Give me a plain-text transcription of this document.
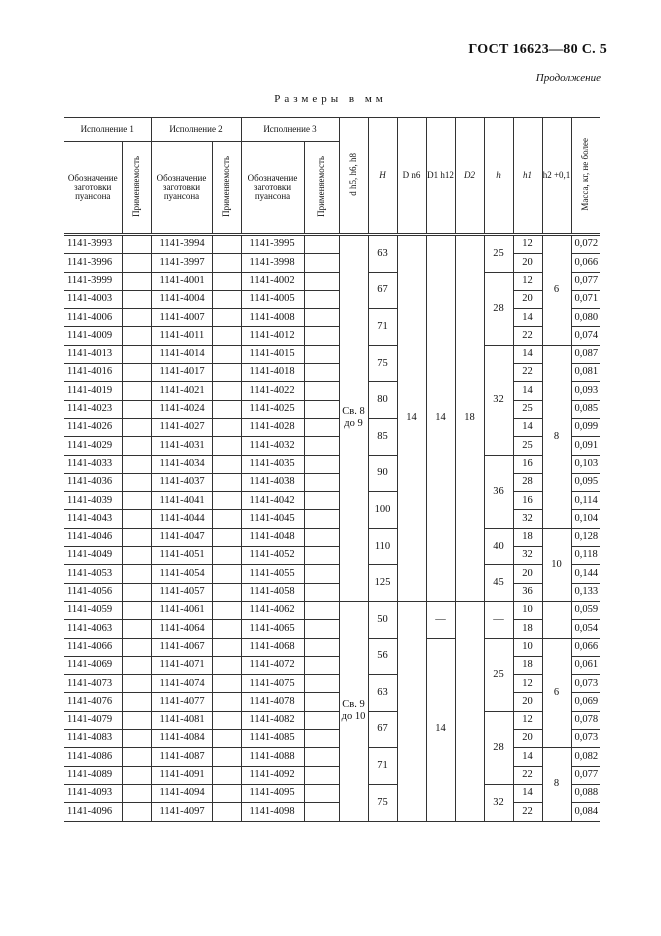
ГОСТ 16623—80 С. 5
Продолжение
Размеры в мм
Исполнение 1		Исполнение 2		Исполнение 3		d h5, h6, h8	H	D n6	D1 h12	D2	h	h1	h2 +0,1	Масса, кг, не более
Обозначение заготовки пуансона	Применяемость	Обозначение заготовки пуансона	Применяемость	Обозначение заготовки пуансона	Применяемость									

1141-3993		1141-3994		1141-3995		Св. 8 до 9	63	14	14	18	25	12	6	0,072
1141-3996		1141-3997		1141-3998								20		0,066
1141-3999		1141-4001		1141-4002			67				28	12		0,077
1141-4003		1141-4004		1141-4005								20		0,071
1141-4006		1141-4007		1141-4008			71					14		0,080
1141-4009		1141-4011		1141-4012								22		0,074
1141-4013		1141-4014		1141-4015			75				32	14	8	0,087
1141-4016		1141-4017		1141-4018								22		0,081
1141-4019		1141-4021		1141-4022			80					14		0,093
1141-4023		1141-4024		1141-4025								25		0,085
1141-4026		1141-4027		1141-4028			85					14		0,099
1141-4029		1141-4031		1141-4032								25		0,091
1141-4033		1141-4034		1141-4035			90				36	16		0,103
1141-4036		1141-4037		1141-4038								28		0,095
1141-4039		1141-4041		1141-4042			100					16		0,114
1141-4043		1141-4044		1141-4045								32		0,104
1141-4046		1141-4047		1141-4048			110				40	18	10	0,128
1141-4049		1141-4051		1141-4052								32		0,118
1141-4053		1141-4054		1141-4055			125				45	20		0,144
1141-4056		1141-4057		1141-4058								36		0,133
1141-4059		1141-4061		1141-4062		Св. 9 до 10	50		—		—	10		0,059
1141-4063		1141-4064		1141-4065								18		0,054
1141-4066		1141-4067		1141-4068			56		14		25	10	6	0,066
1141-4069		1141-4071		1141-4072								18		0,061
1141-4073		1141-4074		1141-4075			63					12		0,073
1141-4076		1141-4077		1141-4078								20		0,069
1141-4079		1141-4081		1141-4082			67				28	12		0,078
1141-4083		1141-4084		1141-4085								20		0,073
1141-4086		1141-4087		1141-4088			71					14	8	0,082
1141-4089		1141-4091		1141-4092								22		0,077
1141-4093		1141-4094		1141-4095			75				32	14		0,088
1141-4096		1141-4097		1141-4098								22		0,084
